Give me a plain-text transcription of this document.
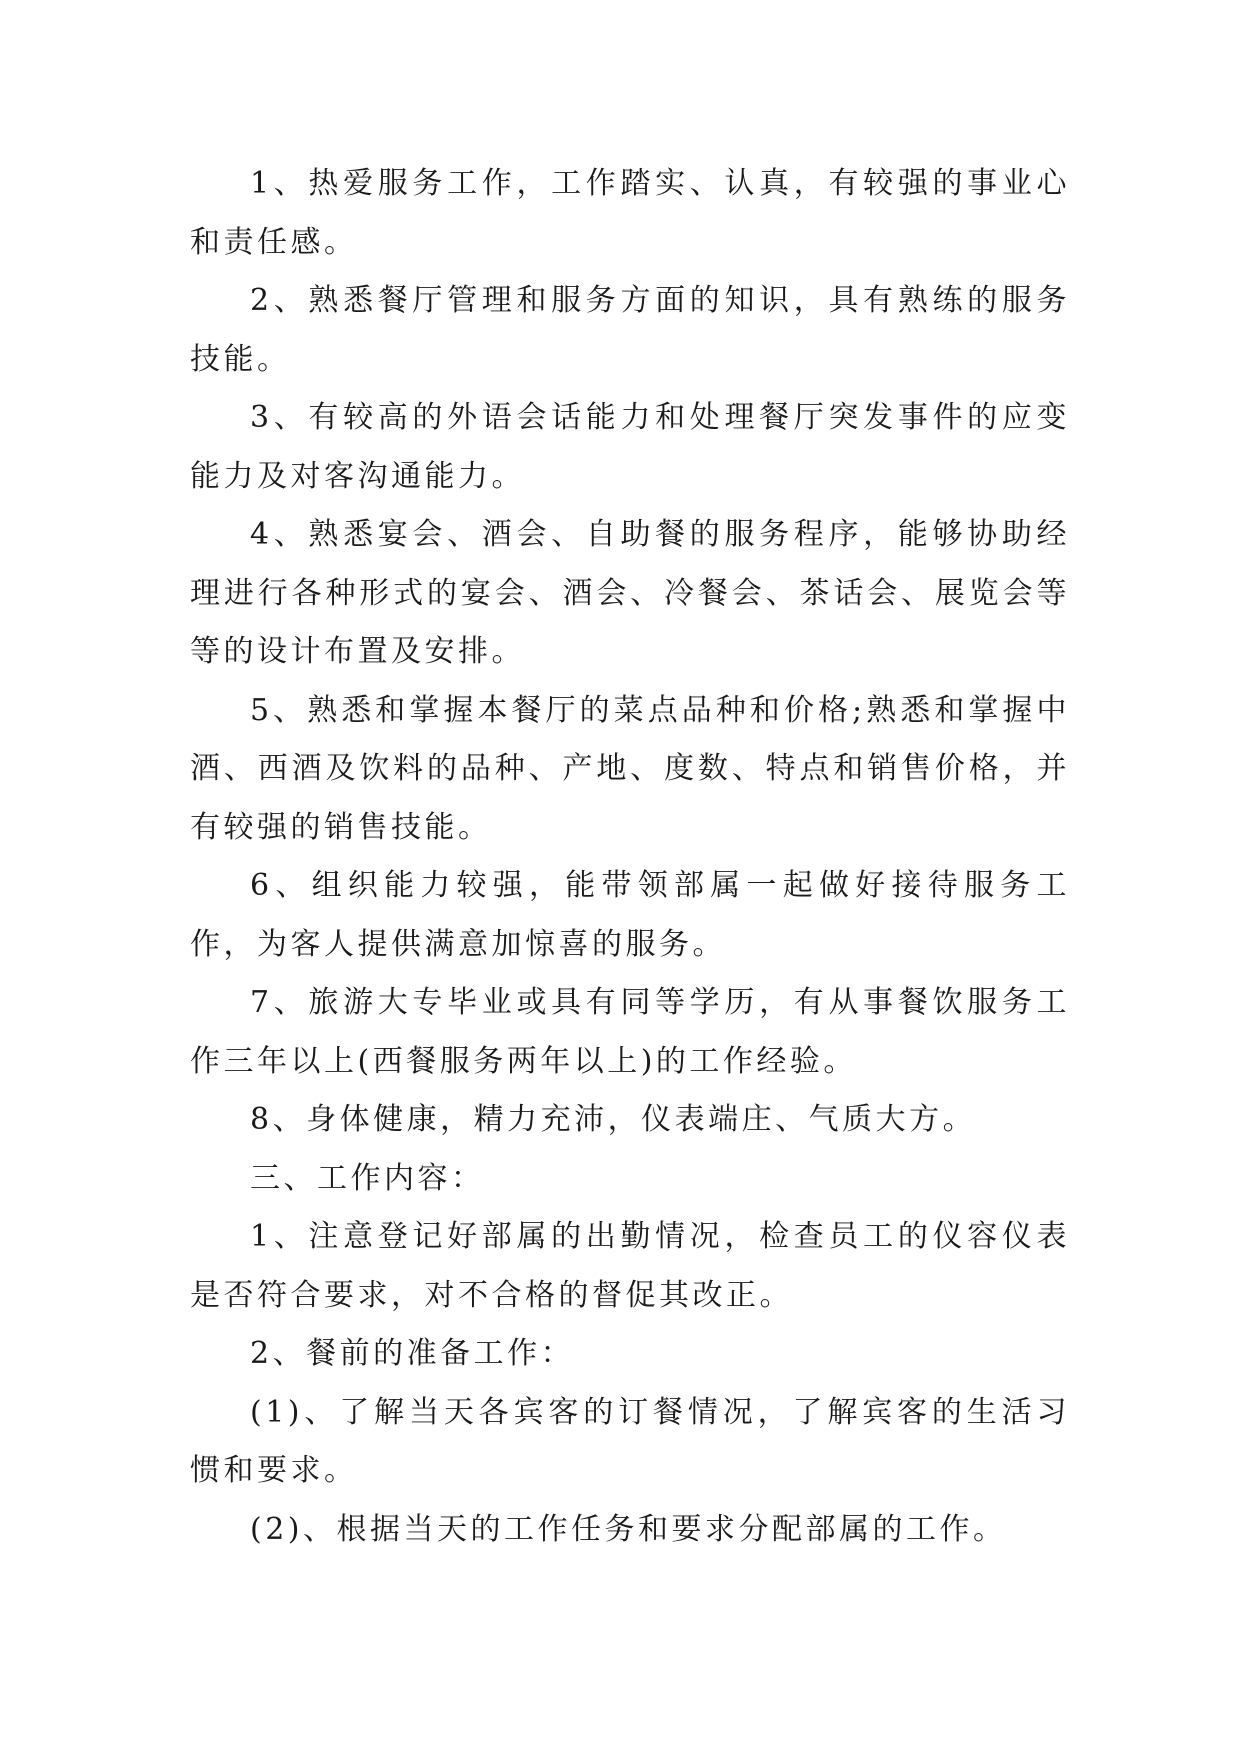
1、热爱服务工作，工作踏实、认真，有较强的事业心和责任感。

2、熟悉餐厅管理和服务方面的知识，具有熟练的服务技能。

3、有较高的外语会话能力和处理餐厅突发事件的应变能力及对客沟通能力。

4、熟悉宴会、酒会、自助餐的服务程序，能够协助经理进行各种形式的宴会、酒会、冷餐会、茶话会、展览会等等的设计布置及安排。

5、熟悉和掌握本餐厅的菜点品种和价格;熟悉和掌握中酒、西酒及饮料的品种、产地、度数、特点和销售价格，并有较强的销售技能。

6、组织能力较强，能带领部属一起做好接待服务工作，为客人提供满意加惊喜的服务。

7、旅游大专毕业或具有同等学历，有从事餐饮服务工作三年以上(西餐服务两年以上)的工作经验。

8、身体健康，精力充沛，仪表端庄、气质大方。

三、工作内容：

1、注意登记好部属的出勤情况，检查员工的仪容仪表是否符合要求，对不合格的督促其改正。

2、餐前的准备工作：

(1)、了解当天各宾客的订餐情况，了解宾客的生活习惯和要求。

(2)、根据当天的工作任务和要求分配部属的工作。
